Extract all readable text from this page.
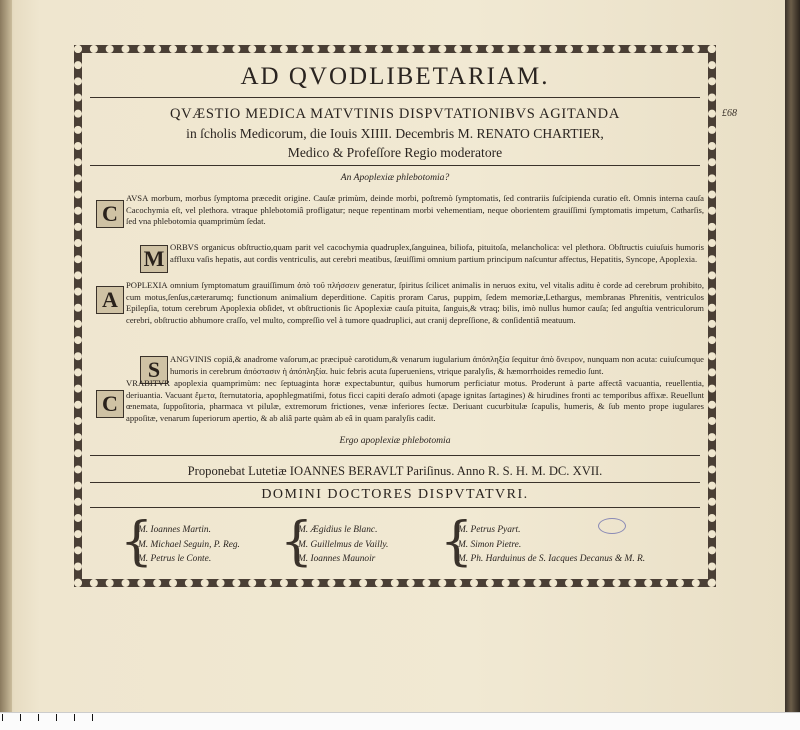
AD QVODLIBETARIAM.
QVÆSTIO MEDICA MATVTINIS DISPVTATIONIBVS AGITANDA
in ſcholis Medicorum, die Iouis XIIII. Decembris M. RENATO CHARTIER,
Medico & Profeſſore Regio moderatore
An Apoplexiæ phlebotomia?
C
AVSA morbum, morbus ſymptoma præcedit origine. Cauſæ primùm, deinde morbi, poſtremò ſymptomatis, ſed contrariis ſuſcipienda curatio eſt. Omnis interna cauſa Cacochymia eſt, vel plethora. vtraque phlebotomiâ profligatur; neque repentinam morbi vehementiam, neque oborientem grauiſſimi ſymptomatis impetum, Catharſis, ſed vna phlebotomia quamprimùm ſedat.
M ORBVS organicus obſtructio,quam parit vel cacochymia quadruplex,ſanguinea, biliofa, pituitoſa, melancholica: vel plethora. Obſtructis cuiuſuis humoris affluxu vaſis hepatis, aut cordis ventriculis, aut cerebri meatibus, ſæuiſſimi omnium partium principum naſcuntur affectus, Hepatitis, Syncope, Apoplexia.
A
POPLEXIA omnium ſymptomatum grauiſſimum ἀπὸ τοῦ πλήσσειν generatur, ſpiritus ſcilicet animalis in neruos exitu, vel vitalis aditu è corde ad cerebrum prohibito, cum motus,ſenſus,cæterarumq; functionum animalium deperditione. Capitis proram Carus, puppim, ſedem memoriæ,Lethargus, membranas Phrenitis, ventriculos Epilepſia, totum cerebrum Apoplexia obſidet, vt obſtructionis ſic Apoplexiæ cauſa pituita, ſanguis,& vtraq; bilis, imò nullus humor cauſa; ſed anguſtia ventriculorum cerebri, obſtructio abhumore craſſo, vel multo, compreſſio vel à tumore quadruplici, aut cranij depreſſione, & conſidentiâ meatuum.
S	ANGVINIS copiâ,& anadrome vaſorum,ac præcipuè carotidum,& venarum iugularium ἀπόπληξία ſequitur ἀπὸ ὄνειρον, nunquam non acuta: cuiuſcumque humoris in cerebrum ἀπόστασιν ἡ ἀπόπληξία. huic febris acuta ſuperueniens, vtrique paralyſis, & hæmorrhoides remedio ſunt.
C
VRABITVR apoplexia quamprimùm: nec ſeptuaginta horæ expectabuntur, quibus humorum perficiatur motus. Proderunt à parte affectâ vacuantia, reuellentia, deriuantia. Vacuant ἔμετα, ſternutatoria, apophlegmatiſmi, fotus ficci capiti deraſo admoti (apage ignitas ſartagines) & hirudines fronti ac temporibus affixæ. Reuellunt œnemata, ſuppoſitoria, pharmaca vt pilulæ, extremorum frictiones, venæ inferiores ſectæ. Deriuant cucurbitulæ ſcapulis, humeris, & ſub mento prope iugulares appoſitæ, venarum ſuperiorum apertio, & ab aliâ parte quàm ab eâ in quam paralyſis cadit.
Ergo apoplexiæ phlebotomia
Proponebat Lutetiæ IOANNES BERAVLT Pariſinus. Anno R. S. H. M. DC. XVII.
DOMINI DOCTORES DISPVTATVRI.
{
M. Ioannes Martin.
M. Michael Seguin, P. Reg.
M. Petrus le Conte.	{
M. Ægidius le Blanc.
M. Guillelmus de Vailly.
M. Ioannes Maunoir {
M. Petrus Pyart.
M. Simon Pietre.
M. Ph. Harduinus de S. Iacques Decanus & M. R.
£68
